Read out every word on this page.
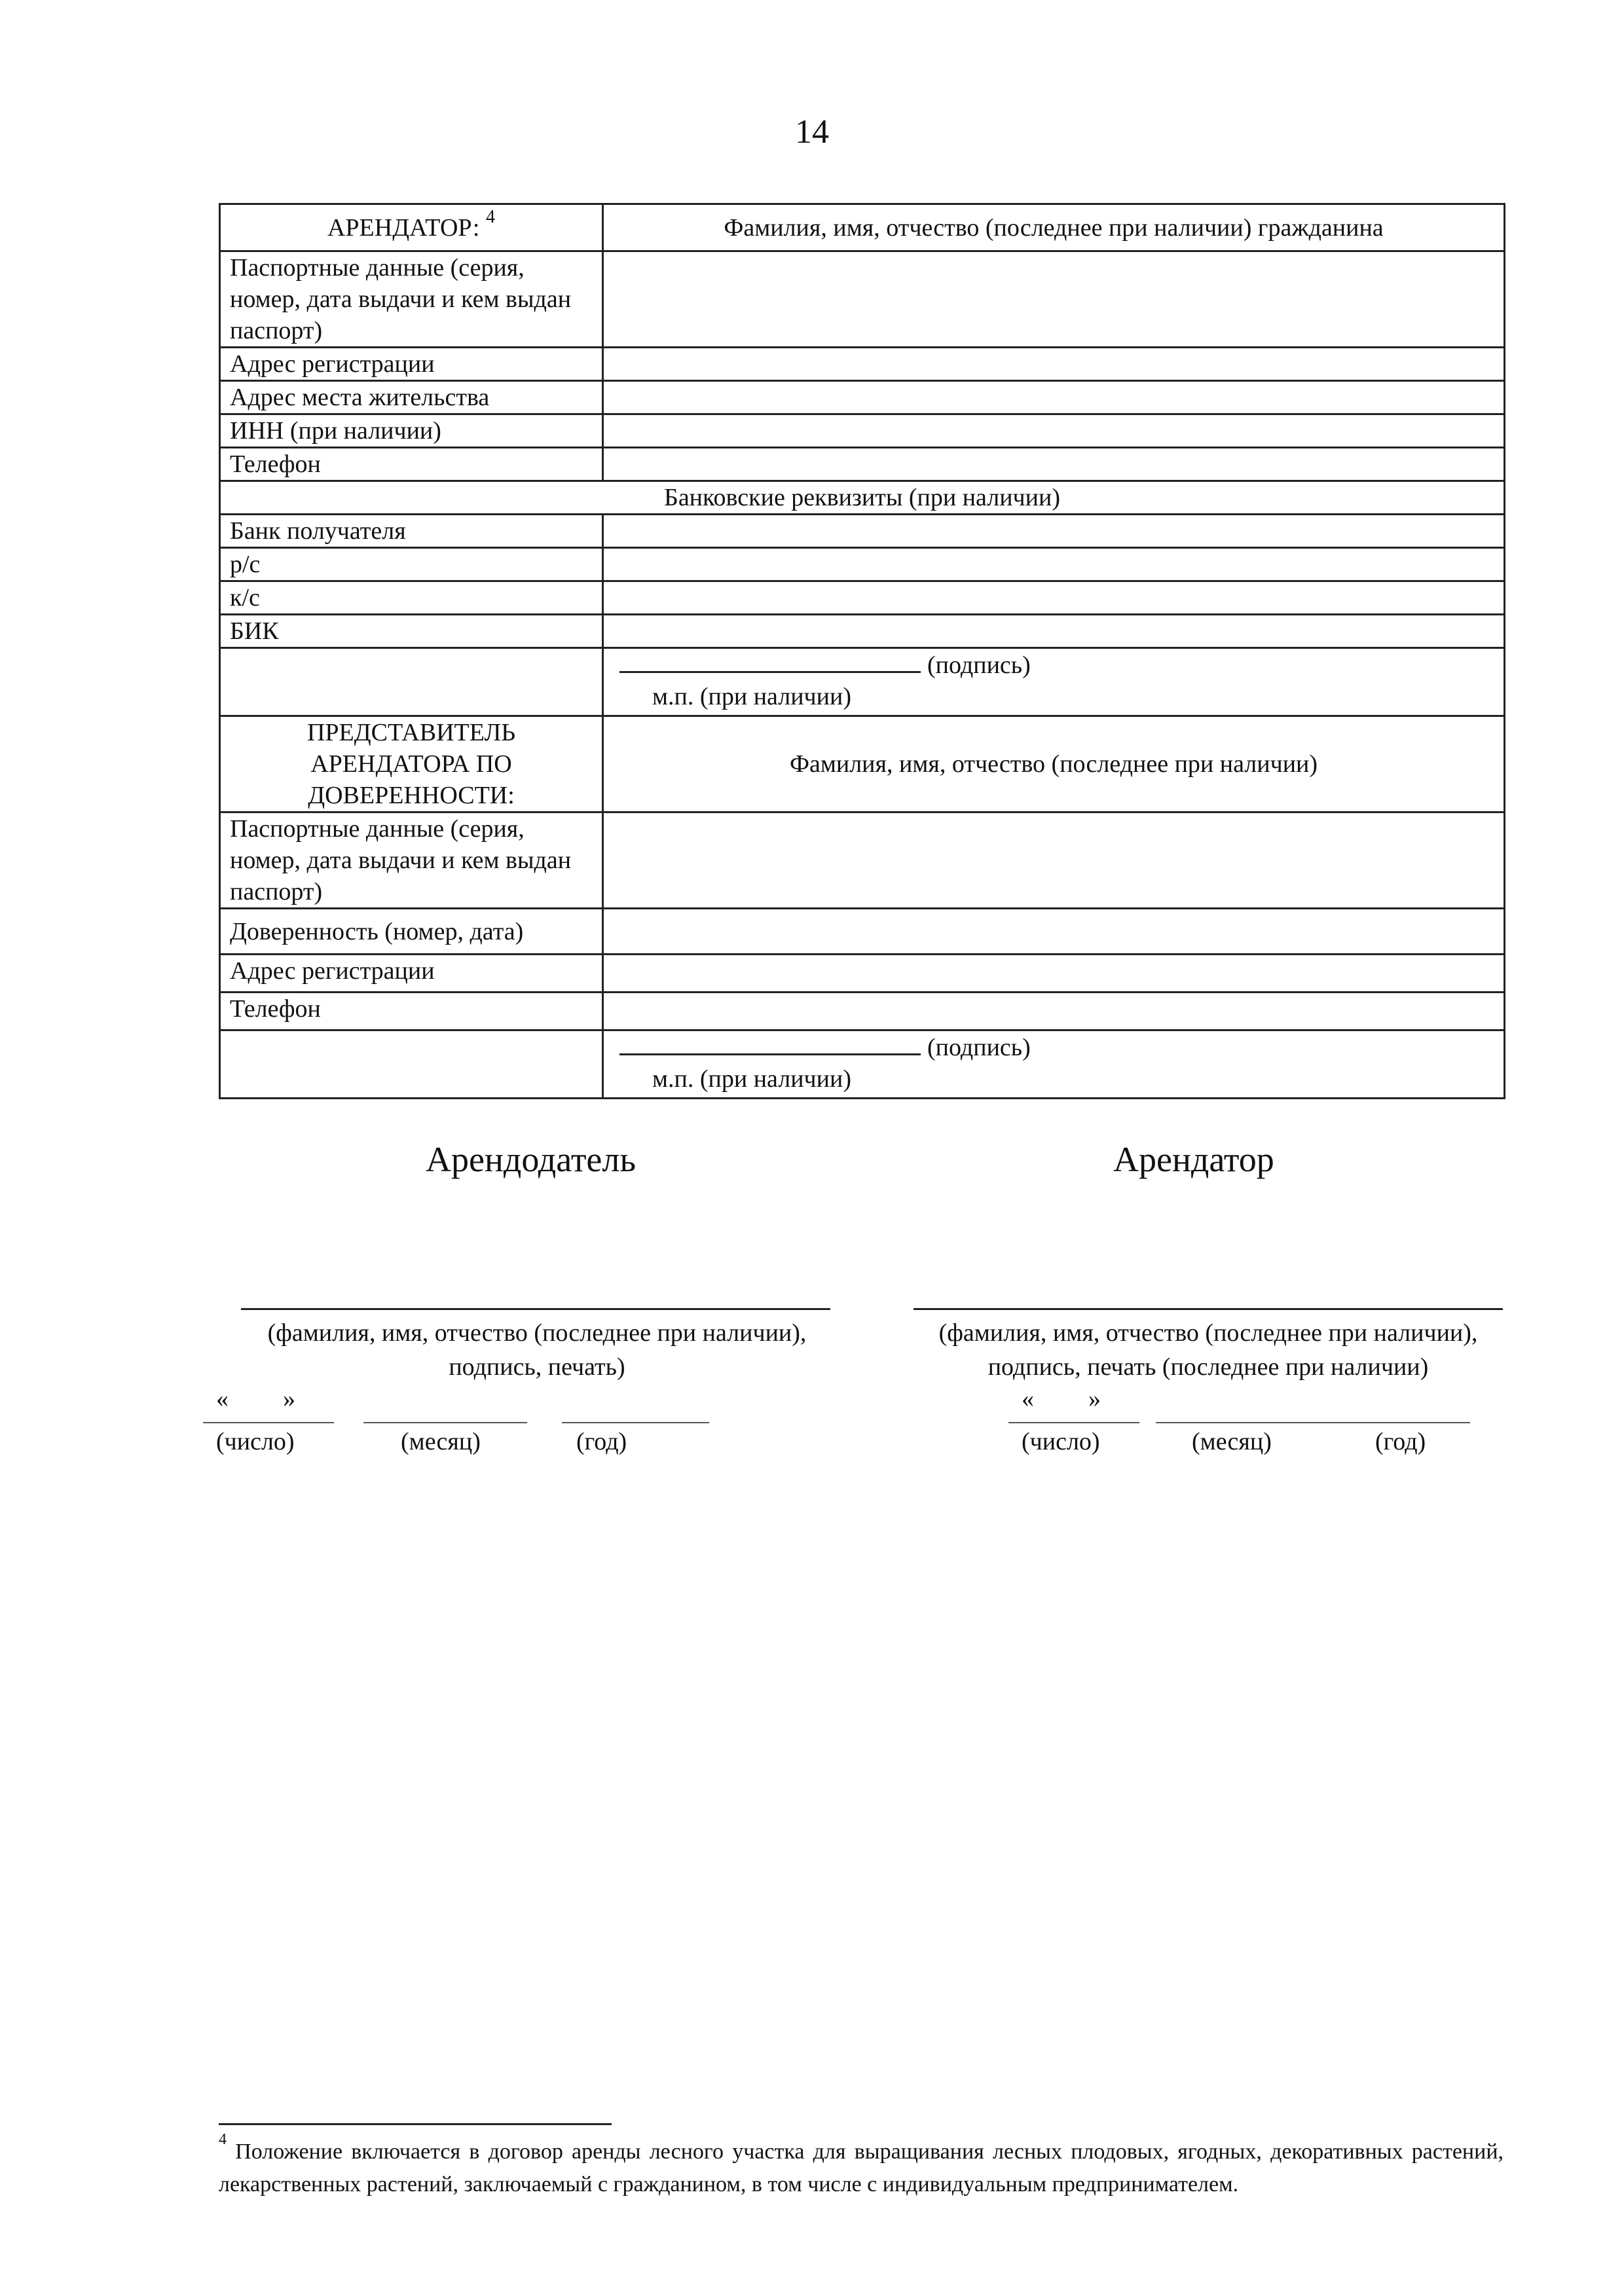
14
АРЕНДАТОР: $^4$	Фамилия, имя, отчество (последнее при наличии) гражданина
Паспортные данные (серия, номер, дата выдачи и кем выдан паспорт)	
Адрес регистрации	
Адрес места жительства	
ИНН (при наличии)	
Телефон	
Банковские реквизиты (при наличии)	
Банк получателя	
р/с	
к/с	
БИК	

	(подпись)
м.п. (при наличии)

ПРЕДСТАВИТЕЛЬ АРЕНДАТОРА ПО ДОВЕРЕННОСТИ:	Фамилия, имя, отчество (последнее при наличии)
Паспортные данные (серия, номер, дата выдачи и кем выдан паспорт)	
Доверенность (номер, дата)	
Адрес регистрации	
Телефон	

	(подпись)
м.п. (при наличии)
Арендодатель
(фамилия, имя, отчество (последнее при наличии),
подпись, печать)
« »
(число)	(месяц)	(год)
Арендатор
(фамилия, имя, отчество (последнее при наличии),
подпись, печать (последнее при наличии)
« »
(число)	(месяц)	(год)
$^4$ Положение включается в договор аренды лесного участка для выращивания лесных плодовых, ягодных, декоративных растений, лекарственных растений, заключаемый с гражданином, в том числе с индивидуальным предпринимателем.
